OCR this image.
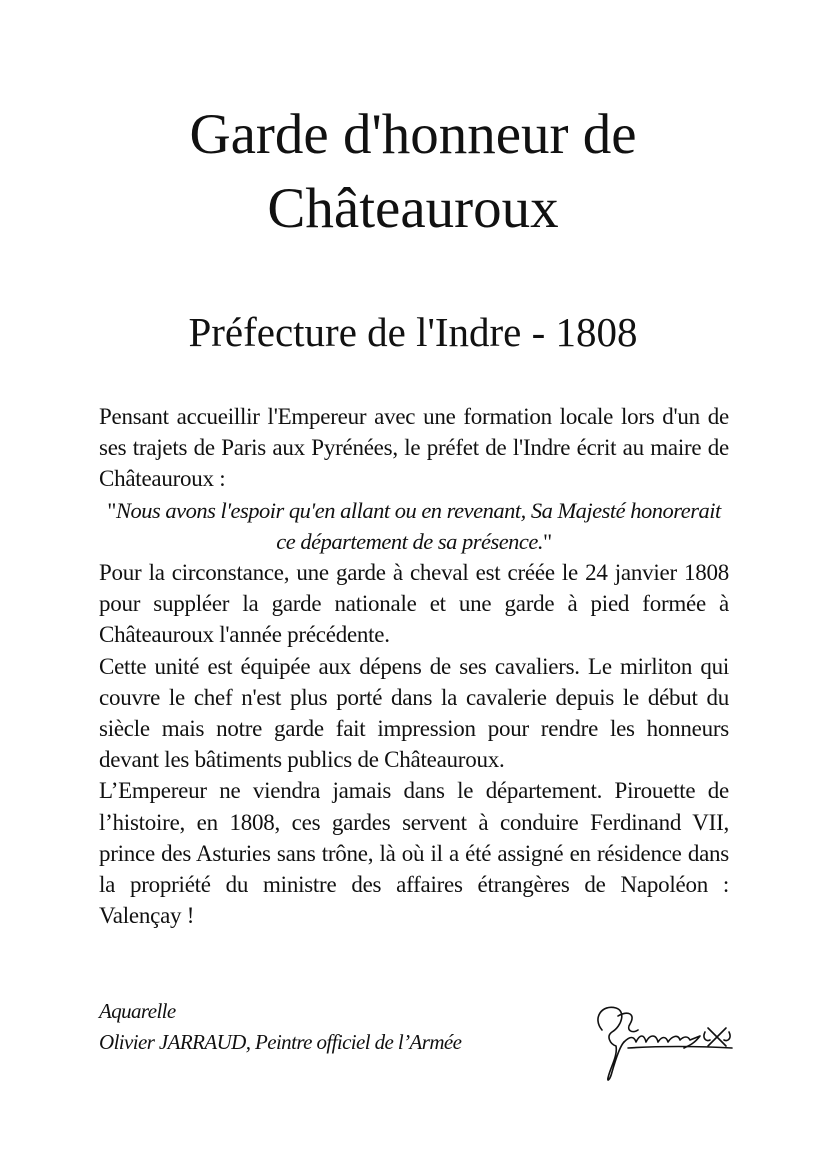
Garde d'honneur de
Châteauroux
Préfecture de l'Indre - 1808

Pensant accueillir l'Empereur avec une formation locale lors d'un de ses trajets de Paris aux Pyrénées, le préfet de l'Indre écrit au maire de Châteauroux :

"Nous avons l'espoir qu'en allant ou en revenant, Sa Majesté honorerait ce département de sa présence."

Pour la circonstance, une garde à cheval est créée le 24 janvier 1808 pour suppléer la garde nationale et une garde à pied formée à Châteauroux l'année précédente.

Cette unité est équipée aux dépens de ses cavaliers. Le mirliton qui couvre le chef n'est plus porté dans la cavalerie depuis le début du siècle mais notre garde fait impression pour rendre les honneurs devant les bâtiments publics de Châteauroux.

L’Empereur ne viendra jamais dans le département. Pirouette de l’histoire, en 1808, ces gardes servent à conduire Ferdinand VII, prince des Asturies sans trône, là où il a été assigné en résidence dans la propriété du ministre des affaires étrangères de Napoléon : Valençay !

Aquarelle
Olivier JARRAUD, Peintre officiel de l’Armée
